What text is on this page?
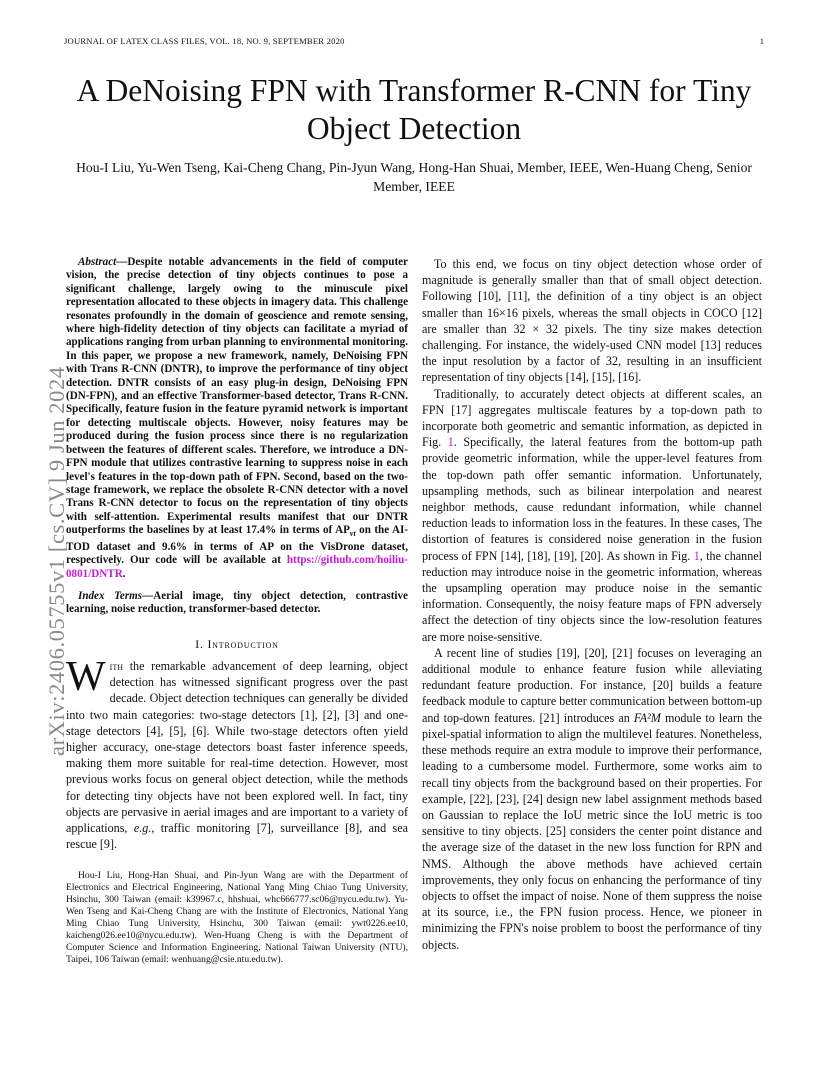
JOURNAL OF LATEX CLASS FILES, VOL. 18, NO. 9, SEPTEMBER 2020	1
arXiv:2406.05755v1 [cs.CV] 9 Jun 2024
A DeNoising FPN with Transformer R-CNN for Tiny Object Detection
Hou-I Liu, Yu-Wen Tseng, Kai-Cheng Chang, Pin-Jyun Wang, Hong-Han Shuai, Member, IEEE, Wen-Huang Cheng, Senior Member, IEEE

Abstract—Despite notable advancements in the field of computer vision, the precise detection of tiny objects continues to pose a significant challenge, largely owing to the minuscule pixel representation allocated to these objects in imagery data. This challenge resonates profoundly in the domain of geoscience and remote sensing, where high-fidelity detection of tiny objects can facilitate a myriad of applications ranging from urban planning to environmental monitoring. In this paper, we propose a new framework, namely, DeNoising FPN with Trans R-CNN (DNTR), to improve the performance of tiny object detection. DNTR consists of an easy plug-in design, DeNoising FPN (DN-FPN), and an effective Transformer-based detector, Trans R-CNN. Specifically, feature fusion in the feature pyramid network is important for detecting multiscale objects. However, noisy features may be produced during the fusion process since there is no regularization between the features of different scales. Therefore, we introduce a DN-FPN module that utilizes contrastive learning to suppress noise in each level's features in the top-down path of FPN. Second, based on the two-stage framework, we replace the obsolete R-CNN detector with a novel Trans R-CNN detector to focus on the representation of tiny objects with self-attention. Experimental results manifest that our DNTR outperforms the baselines by at least 17.4% in terms of $AP_{vt}$ on the AI-TOD dataset and 9.6% in terms of AP on the VisDrone dataset, respectively. Our code will be available at https://github.com/hoiliu-0801/DNTR.

Index Terms—Aerial image, tiny object detection, contrastive learning, noise reduction, transformer-based detector.

I. Introduction

With the remarkable advancement of deep learning, object detection has witnessed significant progress over the past decade. Object detection techniques can generally be divided into two main categories: two-stage detectors [1], [2], [3] and one-stage detectors [4], [5], [6]. While two-stage detectors often yield higher accuracy, one-stage detectors boast faster inference speeds, making them more suitable for real-time detection. However, most previous works focus on general object detection, while the methods for detecting tiny objects have not been explored well. In fact, tiny objects are pervasive in aerial images and are important to a variety of applications, e.g., traffic monitoring [7], surveillance [8], and sea rescue [9].

Hou-I Liu, Hong-Han Shuai, and Pin-Jyun Wang are with the Department of Electronics and Electrical Engineering, National Yang Ming Chiao Tung University, Hsinchu, 300 Taiwan (email: k39967.c, hhshuai, whc666777.sc06@nycu.edu.tw). Yu-Wen Tseng and Kai-Cheng Chang are with the Institute of Electronics, National Yang Ming Chiao Tung University, Hsinchu, 300 Taiwan (email: ywt0226.ee10, kaicheng026.ee10@nycu.edu.tw). Wen-Huang Cheng is with the Department of Computer Science and Information Engineering, National Taiwan University (NTU), Taipei, 106 Taiwan (email: wenhuang@csie.ntu.edu.tw).

To this end, we focus on tiny object detection whose order of magnitude is generally smaller than that of small object detection. Following [10], [11], the definition of a tiny object is an object smaller than 16×16 pixels, whereas the small objects in COCO [12] are smaller than 32 × 32 pixels. The tiny size makes detection challenging. For instance, the widely-used CNN model [13] reduces the input resolution by a factor of 32, resulting in an insufficient representation of tiny objects [14], [15], [16].

Traditionally, to accurately detect objects at different scales, an FPN [17] aggregates multiscale features by a top-down path to incorporate both geometric and semantic information, as depicted in Fig. 1. Specifically, the lateral features from the bottom-up path provide geometric information, while the upper-level features from the top-down path offer semantic information. Unfortunately, upsampling methods, such as bilinear interpolation and nearest neighbor methods, cause redundant information, while channel reduction leads to information loss in the features. In these cases, The distortion of features is considered noise generation in the fusion process of FPN [14], [18], [19], [20]. As shown in Fig. 1, the channel reduction may introduce noise in the geometric information, whereas the upsampling operation may produce noise in the semantic information. Consequently, the noisy feature maps of FPN adversely affect the detection of tiny objects since the low-resolution features are more noise-sensitive.

A recent line of studies [19], [20], [21] focuses on leveraging an additional module to enhance feature fusion while alleviating redundant feature production. For instance, [20] builds a feature feedback module to capture better communication between bottom-up and top-down features. [21] introduces an FA²M module to learn the pixel-spatial information to align the multilevel features. Nonetheless, these methods require an extra module to improve their performance, leading to a cumbersome model. Furthermore, some works aim to recall tiny objects from the background based on their properties. For example, [22], [23], [24] design new label assignment methods based on Gaussian to replace the IoU metric since the IoU metric is too sensitive to tiny objects. [25] considers the center point distance and the average size of the dataset in the new loss function for RPN and NMS. Although the above methods have achieved certain improvements, they only focus on enhancing the performance of tiny objects to offset the impact of noise. None of them suppress the noise at its source, i.e., the FPN fusion process. Hence, we pioneer in minimizing the FPN's noise problem to boost the performance of tiny objects.
